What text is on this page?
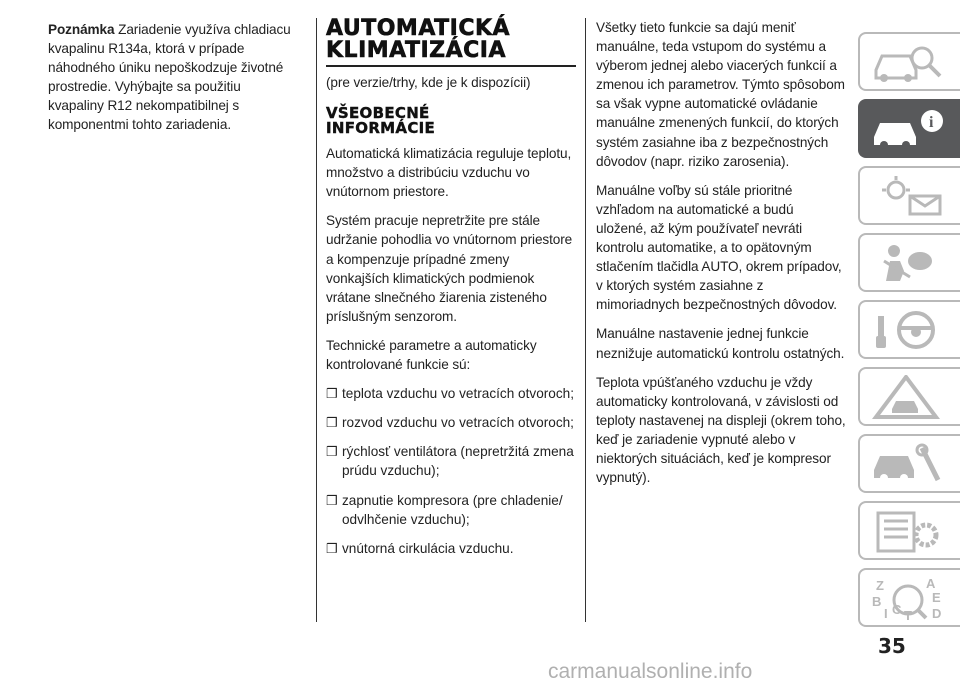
Poznámka Zariadenie využíva chladiacu kvapalinu R134a, ktorá v prípade náhodného úniku nepoškodzuje životné prostredie. Vyhýbajte sa použitiu kvapaliny R12 nekompatibilnej s komponentmi tohto zariadenia.

AUTOMATICKÁ
KLIMATIZÁCIA

(pre verzie/trhy, kde je k dispozícii)

VŠEOBECNÉ
INFORMÁCIE

Automatická klimatizácia reguluje teplotu, množstvo a distribúciu vzduchu vo vnútornom priestore.

Systém pracuje nepretržite pre stále udržanie pohodlia vo vnútornom priestore a kompenzuje prípadné zmeny vonkajších klimatických podmienok vrátane slnečného žiarenia zisteného príslušným senzorom.

Technické parametre a automaticky kontrolované funkcie sú:

❒ teplota vzduchu vo vetracích otvoroch;
❒ rozvod vzduchu vo vetracích otvoroch;
❒ rýchlosť ventilátora (nepretržitá zmena prúdu vzduchu);
❒ zapnutie kompresora (pre chladenie/ odvlhčenie vzduchu);
❒ vnútorná cirkulácia vzduchu.

Všetky tieto funkcie sa dajú meniť manuálne, teda vstupom do systému a výberom jednej alebo viacerých funkcií a zmenou ich parametrov. Týmto spôsobom sa však vypne automatické ovládanie manuálne zmenených funkcií, do ktorých systém zasiahne iba z bezpečnostných dôvodov (napr. riziko zarosenia).

Manuálne voľby sú stále prioritné vzhľadom na automatické a budú uložené, až kým používateľ nevráti kontrolu automatike, a to opätovným stlačením tlačidla AUTO, okrem prípadov, v ktorých systém zasiahne z mimoriadnych bezpečnostných dôvodov.

Manuálne nastavenie jednej funkcie neznižuje automatickú kontrolu ostatných.

Teplota vpúšťaného vzduchu je vždy automaticky kontrolovaná, v závislosti od teploty nastavenej na displeji (okrem toho, keď je zariadenie vypnuté alebo v niektorých situáciách, keď je kompresor vypnutý).

i
Z	A
B	E
I C T D
35
carmanualsonline.info
